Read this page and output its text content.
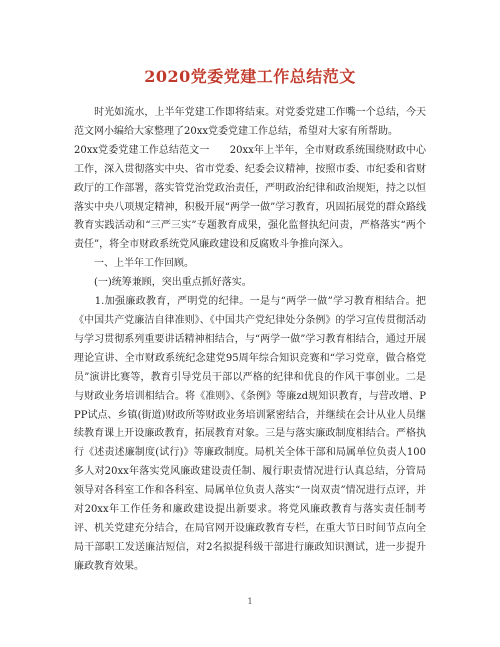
2020党委党建工作总结范文

　　时光如流水，上半年党建工作即将结束。对党委党建工作嘴一个总结，今天范文网小编给大家整理了20xx党委党建工作总结，希望对大家有所帮助。

20xx党委党建工作总结范文一　　20xx年上半年，全市财政系统围绕财政中心工作，深入贯彻落实中央、省市党委、纪委会议精神，按照市委、市纪委和省财政厅的工作部署，落实管党治党政治责任，严明政治纪律和政治规矩，持之以恒落实中央八项规定精神，积极开展“两学一做”学习教育，巩固拓展党的群众路线教育实践活动和“三严三实”专题教育成果，强化监督执纪问责，严格落实“两个责任”，将全市财政系统党风廉政建设和反腐败斗争推向深入。

　　一、上半年工作回顾。

　　(一)统筹兼顾，突出重点抓好落实。

　　1.加强廉政教育，严明党的纪律。一是与“两学一做”学习教育相结合。把《中国共产党廉洁自律准则》、《中国共产党纪律处分条例》的学习宣传贯彻活动与学习贯彻系列重要讲话精神相结合，与“两学一做”学习教育相结合，通过开展理论宣讲、全市财政系统纪念建党95周年综合知识竞赛和“学习党章，做合格党员”演讲比赛等，教育引导党员干部以严格的纪律和优良的作风干事创业。二是与财政业务培训相结合。将《准则》、《条例》等廉zd规知识教育，与营改增、PPP试点、乡镇(街道)财政所等财政业务培训紧密结合，并继续在会计从业人员继续教育课上开设廉政教育，拓展教育对象。三是与落实廉政制度相结合。严格执行《述责述廉制度(试行)》等廉政制度。局机关全体干部和局属单位负责人100多人对20xx年落实党风廉政建设责任制、履行职责情况进行认真总结，分管局领导对各科室工作和各科室、局属单位负责人落实“一岗双责”情况进行点评，并对20xx年工作任务和廉政建设提出新要求。将党风廉政教育与落实责任制考评、机关党建充分结合，在局官网开设廉政教育专栏，在重大节日时间节点向全局干部职工发送廉洁短信，对2名拟提科级干部进行廉政知识测试，进一步提升廉政教育效果。

1
